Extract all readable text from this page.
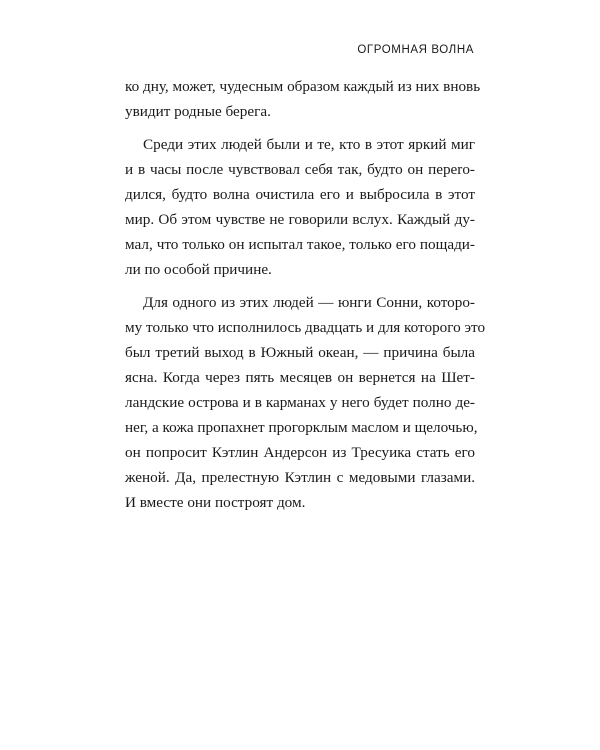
ОГРОМНАЯ ВОЛНА
ко дну, может, чудесным образом каждый из них вновь
увидит родные берега.
Среди этих людей были и те, кто в этот яркий миг
и в часы после чувствовал себя так, будто он перero-
дился, будто волна очистила его и выбросила в этот
мир. Об этом чувстве не говорили вслух. Каждый ду-
мал, что только он испытал такое, только его пощади-
ли по особой причине.
Для одного из этих людей — юнги Сонни, которо-
му только что исполнилось двадцать и для которого это
был третий выход в Южный океан, — причина была
ясна. Когда через пять месяцев он вернется на Шет-
ландские острова и в карманах у него будет полно де-
нег, а кожа пропахнет прогорклым маслом и щелочью,
он попросит Кэтлин Андерсон из Тресуика стать его
женой. Да, прелестную Кэтлин с медовыми глазами.
И вместе они построят дом.
